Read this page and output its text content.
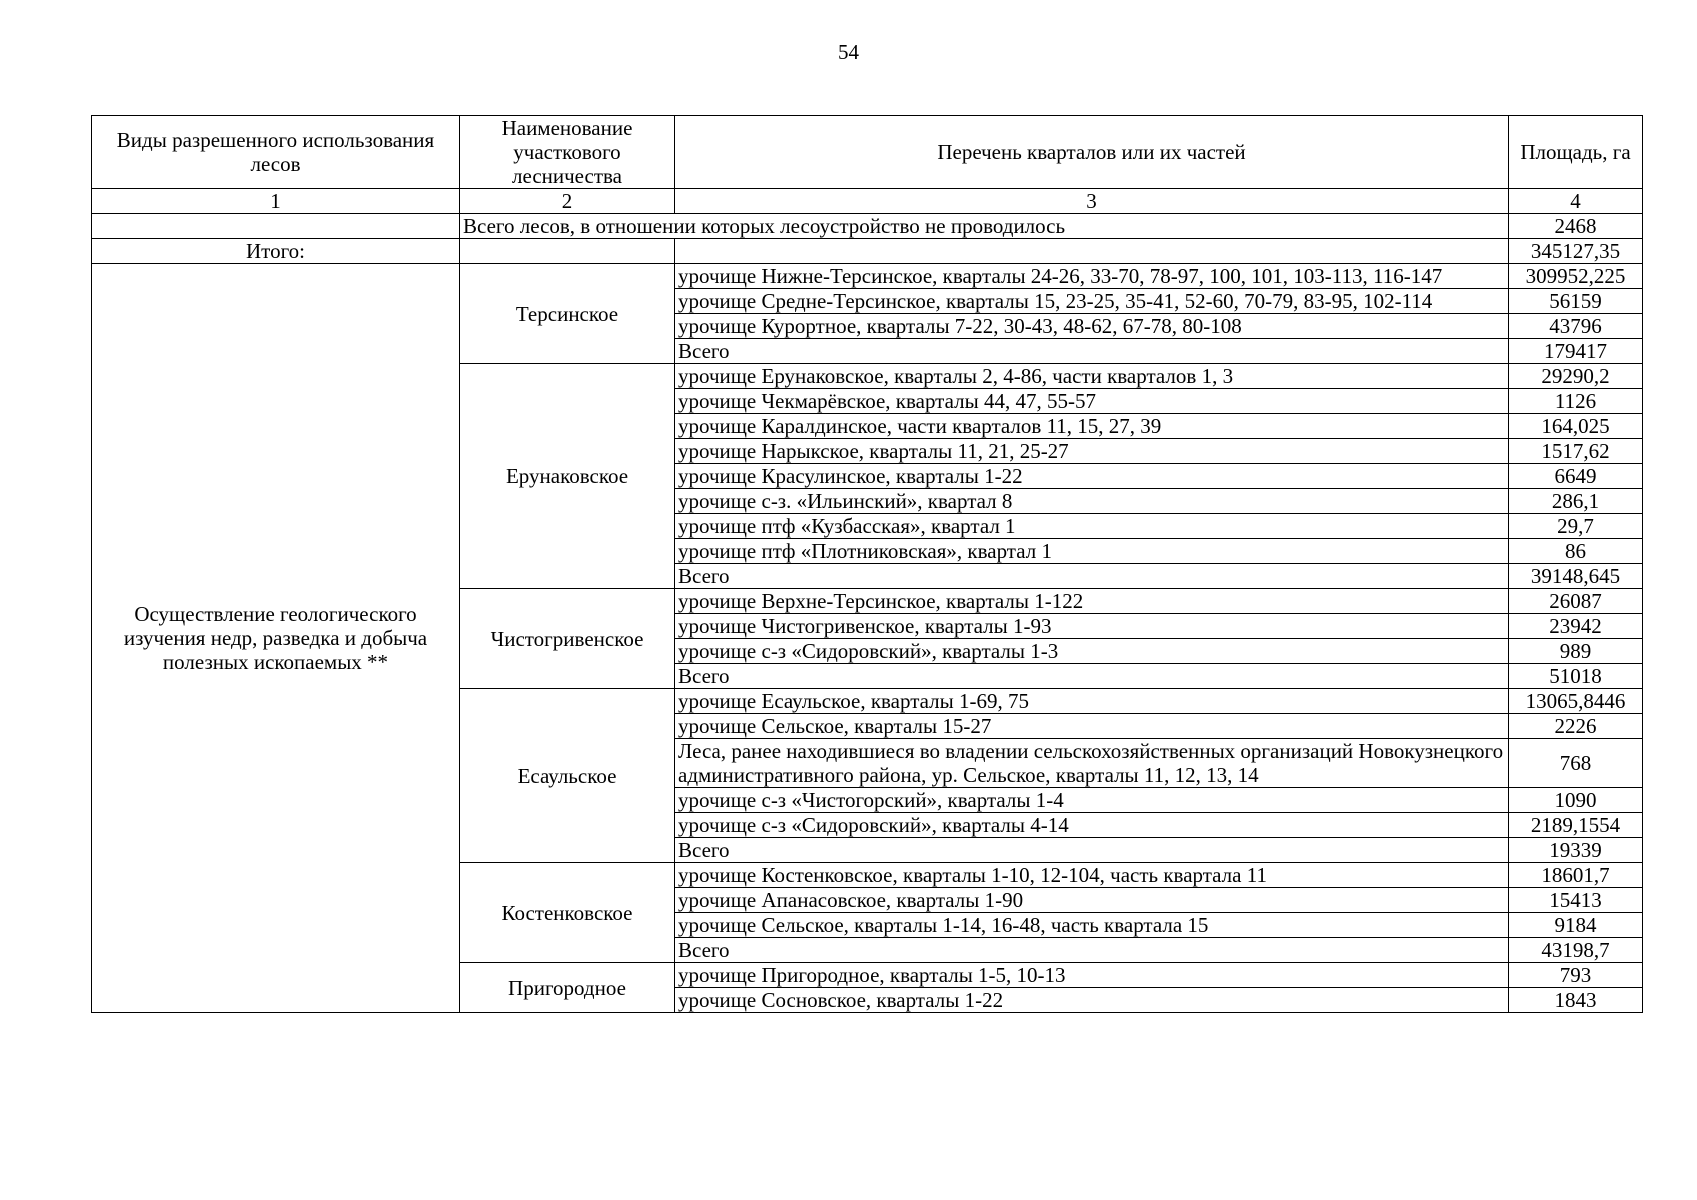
54
Виды разрешенного использования лесов	Наименование участкового лесничества	Перечень кварталов или их частей	Площадь, га
1	2	3	4
	Всего лесов, в отношении которых лесоустройство не проводилось		2468
Итого:			345127,35
Осуществление геологического изучения недр, разведка и добыча полезных ископаемых **	Терсинское	урочище Нижне-Терсинское, кварталы 24-26, 33-70, 78-97, 100, 101, 103-113, 116-147	309952,225
		урочище Средне-Терсинское, кварталы 15, 23-25, 35-41, 52-60, 70-79, 83-95, 102-114	56159
		урочище Курортное, кварталы 7-22, 30-43, 48-62, 67-78, 80-108	43796
		Всего	179417
	Ерунаковское	урочище Ерунаковское, кварталы 2, 4-86, части кварталов 1, 3	29290,2
		урочище Чекмарёвское, кварталы 44, 47, 55-57	1126
		урочище Каралдинское, части кварталов 11, 15, 27, 39	164,025
		урочище Нарыкское, кварталы 11, 21, 25-27	1517,62
		урочище Красулинское, кварталы 1-22	6649
		урочище с-з. «Ильинский», квартал 8	286,1
		урочище птф «Кузбасская», квартал 1	29,7
		урочище птф «Плотниковская», квартал 1	86
		Всего	39148,645
	Чистогривенское	урочище Верхне-Терсинское, кварталы 1-122	26087
		урочище Чистогривенское, кварталы 1-93	23942
		урочище с-з «Сидоровский», кварталы 1-3	989
		Всего	51018
	Есаульское	урочище Есаульское, кварталы 1-69, 75	13065,8446
		урочище Сельское, кварталы 15-27	2226
		Леса, ранее находившиеся во владении сельскохозяйственных организаций Новокузнецкого административного района, ур. Сельское, кварталы 11, 12, 13, 14	768
		урочище с-з «Чистогорский», кварталы 1-4	1090
		урочище с-з «Сидоровский», кварталы 4-14	2189,1554
		Всего	19339
	Костенковское	урочище Костенковское, кварталы 1-10, 12-104, часть квартала 11	18601,7
		урочище Апанасовское, кварталы 1-90	15413
		урочище Сельское, кварталы 1-14, 16-48, часть квартала 15	9184
		Всего	43198,7
	Пригородное	урочище Пригородное, кварталы 1-5, 10-13	793
		урочище Сосновское, кварталы 1-22	1843
